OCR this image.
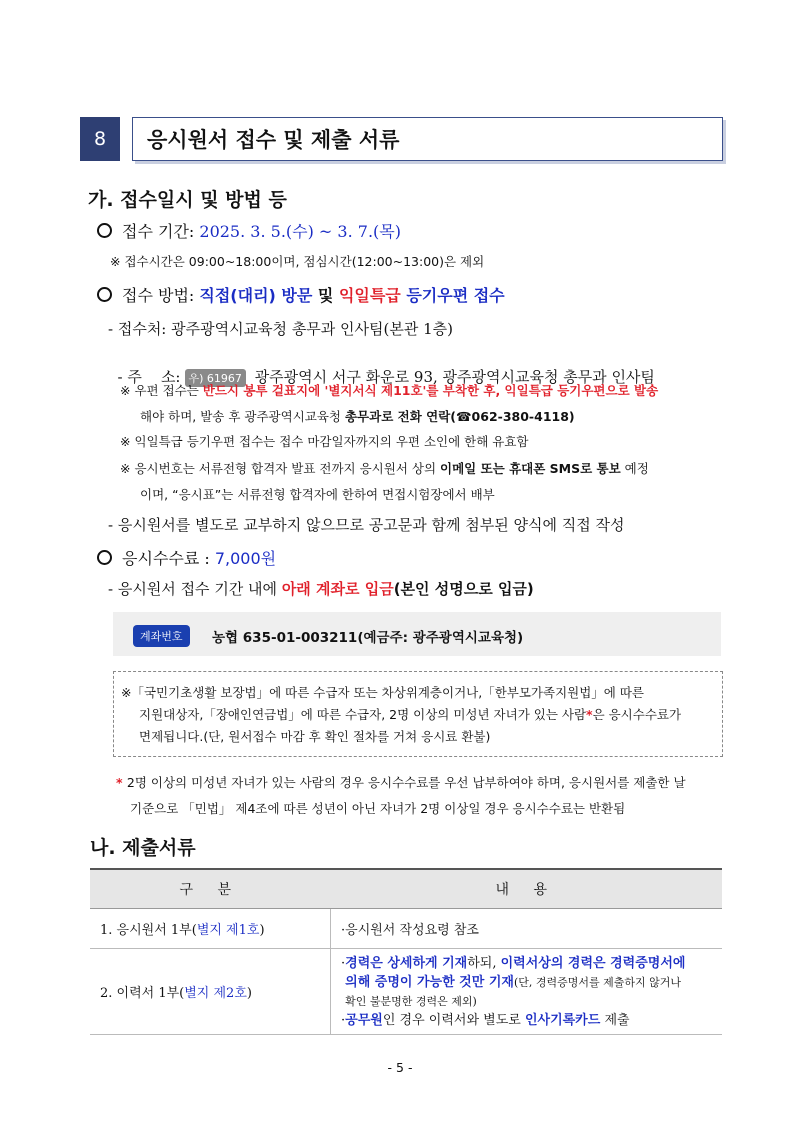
8	응시원서 접수 및 제출 서류
가. 접수일시 및 방법 등
접수 기간: 2025. 3. 5.(수) ~ 3. 7.(목)
※ 접수시간은 09:00~18:00이며, 점심시간(12:00~13:00)은 제외
접수 방법: 직접(대리) 방문 및 익일특급 등기우편 접수
- 접수처: 광주광역시교육청 총무과 인사팀(본관 1층)

- 주    소: 우) 61967 광주광역시 서구 화운로 93, 광주광역시교육청 총무과 인사팀

※ 우편 접수는 반드시 봉투 겉표지에 '별지서식 제11호'를 부착한 후, 익일특급 등기우편으로 발송
해야 하며, 발송 후 광주광역시교육청 총무과로 전화 연락(☎062-380-4118)
※ 익일특급 등기우편 접수는 접수 마감일자까지의 우편 소인에 한해 유효함
※ 응시번호는 서류전형 합격자 발표 전까지 응시원서 상의 이메일 또는 휴대폰 SMS로 통보 예정
이며, “응시표”는 서류전형 합격자에 한하여 면접시험장에서 배부
- 응시원서를 별도로 교부하지 않으므로 공고문과 함께 첨부된 양식에 직접 작성
응시수수료 : 7,000원
- 응시원서 접수 기간 내에 아래 계좌로 입금(본인 성명으로 입금)
계좌번호	농협 635-01-003211(예금주: 광주광역시교육청)
※「국민기초생활 보장법」에 따른 수급자 또는 차상위계층이거나,「한부모가족지원법」에 따른
지원대상자,「장애인연금법」에 따른 수급자, 2명 이상의 미성년 자녀가 있는 사람*은 응시수수료가
면제됩니다.(단, 원서접수 마감 후 확인 절차를 거쳐 응시료 환불)
* 2명 이상의 미성년 자녀가 있는 사람의 경우 응시수수료를 우선 납부하여야 하며, 응시원서를 제출한 날
기준으로 「민법」 제4조에 따른 성년이 아닌 자녀가 2명 이상일 경우 응시수수료는 반환됨
나. 제출서류
구 분	내 용
1. 응시원서 1부(별지 제1호)	·응시원서 작성요령 참조
2. 이력서 1부(별지 제2호)	·경력은 상세하게 기재하되, 이력서상의 경력은 경력증명서에
의해 증명이 가능한 것만 기재(단, 경력증명서를 제출하지 않거나
확인 불분명한 경력은 제외)
·공무원인 경우 이력서와 별도로 인사기록카드 제출
- 5 -
